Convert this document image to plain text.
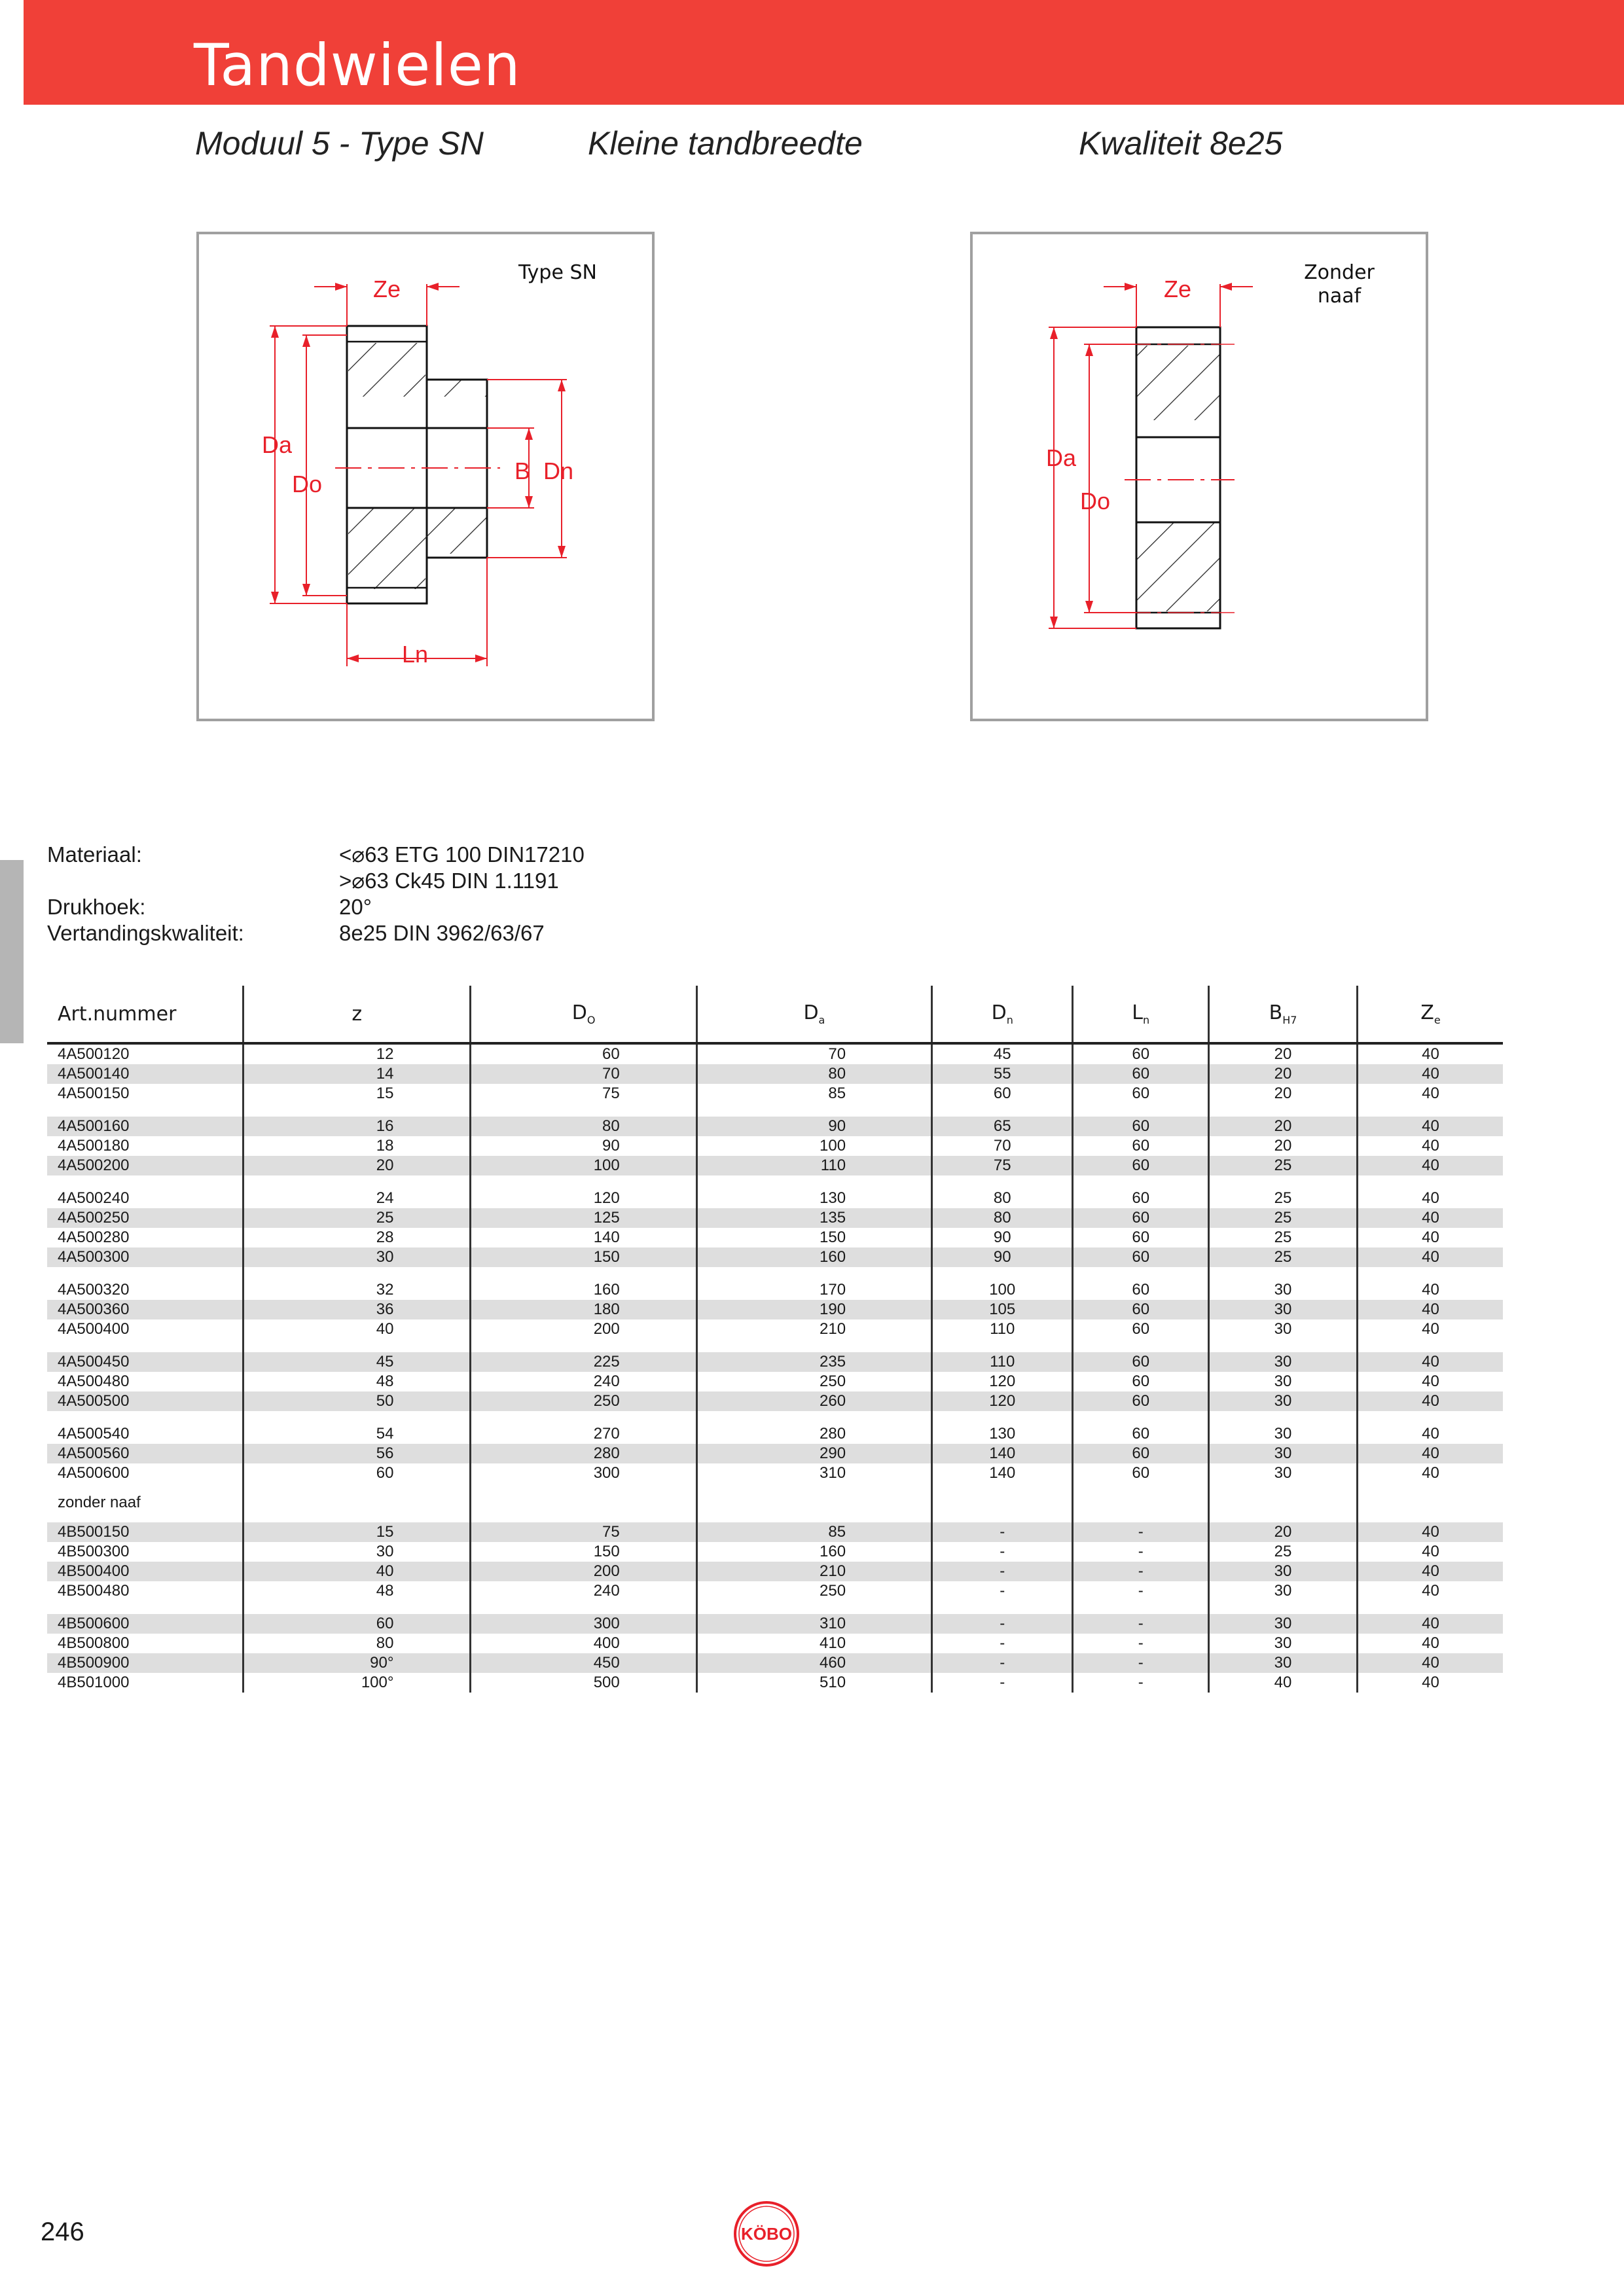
Tandwielen
Moduul 5 - Type SN	Kleine tandbreedte	Kwaliteit 8e25
Ze
Da
Do	B Dn
Ln
Type SN
Ze
Da
Do
Zonder
naaf
Materiaal:	<⌀63 ETG 100 DIN17210
>⌀63 Ck45 DIN 1.1191
Drukhoek:	20°
Vertandingskwaliteit:	8e25 DIN 3962/63/67
Art.nummer	z	$D_O$	$D_a$	$D_n$	$L_n$	$B_{H7}$	$Z_e$
4A500120	12	60	70	45	60	20	40
4A500140	14	70	80	55	60	20	40
4A500150	15	75	85	60	60	20	40

4A500160	16	80	90	65	60	20	40
4A500180	18	90	100	70	60	20	40
4A500200	20	100	110	75	60	25	40

4A500240	24	120	130	80	60	25	40
4A500250	25	125	135	80	60	25	40
4A500280	28	140	150	90	60	25	40
4A500300	30	150	160	90	60	25	40

4A500320	32	160	170	100	60	30	40
4A500360	36	180	190	105	60	30	40
4A500400	40	200	210	110	60	30	40

4A500450	45	225	235	110	60	30	40
4A500480	48	240	250	120	60	30	40
4A500500	50	250	260	120	60	30	40

4A500540	54	270	280	130	60	30	40
4A500560	56	280	290	140	60	30	40
4A500600	60	300	310	140	60	30	40
zonder naaf							
4B500150	15	75	85	-	-	20	40
4B500300	30	150	160	-	-	25	40
4B500400	40	200	210	-	-	30	40
4B500480	48	240	250	-	-	30	40

4B500600	60	300	310	-	-	30	40
4B500800	80	400	410	-	-	30	40
4B500900	90°	450	460	-	-	30	40
4B501000	100°	500	510	-	-	40	40
246	KÖBO
